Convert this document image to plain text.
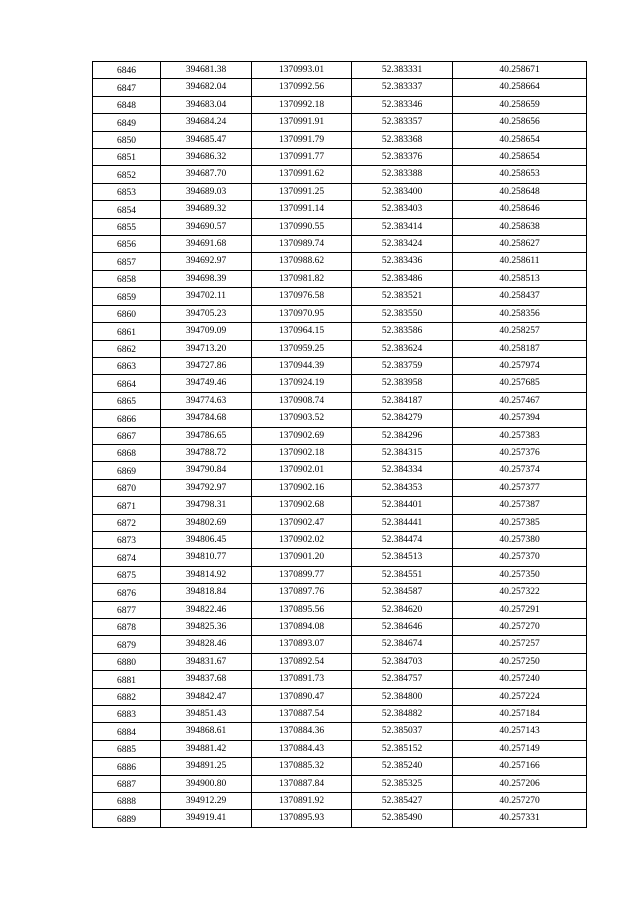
6846	394681.38	1370993.01	52.383331	40.258671
6847	394682.04	1370992.56	52.383337	40.258664
6848	394683.04	1370992.18	52.383346	40.258659
6849	394684.24	1370991.91	52.383357	40.258656
6850	394685.47	1370991.79	52.383368	40.258654
6851	394686.32	1370991.77	52.383376	40.258654
6852	394687.70	1370991.62	52.383388	40.258653
6853	394689.03	1370991.25	52.383400	40.258648
6854	394689.32	1370991.14	52.383403	40.258646
6855	394690.57	1370990.55	52.383414	40.258638
6856	394691.68	1370989.74	52.383424	40.258627
6857	394692.97	1370988.62	52.383436	40.258611
6858	394698.39	1370981.82	52.383486	40.258513
6859	394702.11	1370976.58	52.383521	40.258437
6860	394705.23	1370970.95	52.383550	40.258356
6861	394709.09	1370964.15	52.383586	40.258257
6862	394713.20	1370959.25	52.383624	40.258187
6863	394727.86	1370944.39	52.383759	40.257974
6864	394749.46	1370924.19	52.383958	40.257685
6865	394774.63	1370908.74	52.384187	40.257467
6866	394784.68	1370903.52	52.384279	40.257394
6867	394786.65	1370902.69	52.384296	40.257383
6868	394788.72	1370902.18	52.384315	40.257376
6869	394790.84	1370902.01	52.384334	40.257374
6870	394792.97	1370902.16	52.384353	40.257377
6871	394798.31	1370902.68	52.384401	40.257387
6872	394802.69	1370902.47	52.384441	40.257385
6873	394806.45	1370902.02	52.384474	40.257380
6874	394810.77	1370901.20	52.384513	40.257370
6875	394814.92	1370899.77	52.384551	40.257350
6876	394818.84	1370897.76	52.384587	40.257322
6877	394822.46	1370895.56	52.384620	40.257291
6878	394825.36	1370894.08	52.384646	40.257270
6879	394828.46	1370893.07	52.384674	40.257257
6880	394831.67	1370892.54	52.384703	40.257250
6881	394837.68	1370891.73	52.384757	40.257240
6882	394842.47	1370890.47	52.384800	40.257224
6883	394851.43	1370887.54	52.384882	40.257184
6884	394868.61	1370884.36	52.385037	40.257143
6885	394881.42	1370884.43	52.385152	40.257149
6886	394891.25	1370885.32	52.385240	40.257166
6887	394900.80	1370887.84	52.385325	40.257206
6888	394912.29	1370891.92	52.385427	40.257270
6889	394919.41	1370895.93	52.385490	40.257331
